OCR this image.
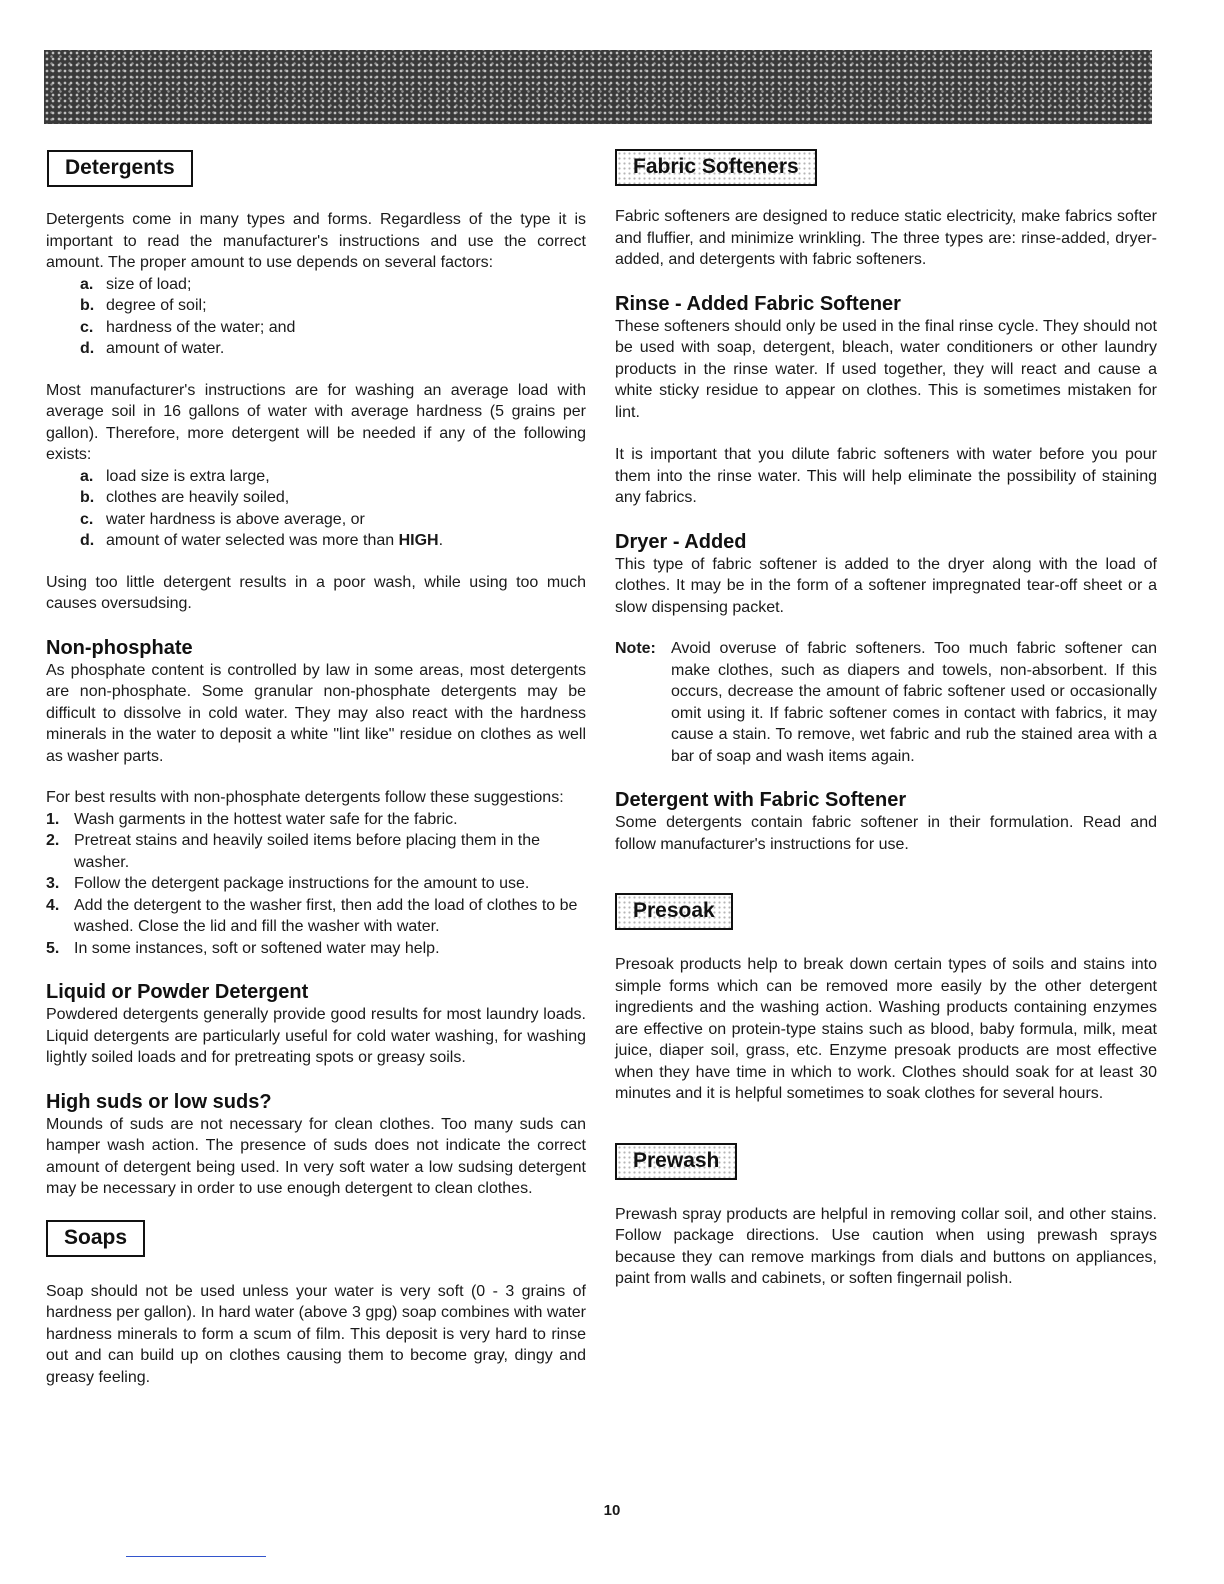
Detergents

Detergents come in many types and forms. Regardless of the type it is important to read the manufacturer's instructions and use the correct amount. The proper amount to use depends on several factors:

a. size of load;
b. degree of soil;
c. hardness of the water; and
d. amount of water.

Most manufacturer's instructions are for washing an average load with average soil in 16 gallons of water with average hardness (5 grains per gallon). Therefore, more detergent will be needed if any of the following exists:

a. load size is extra large,
b. clothes are heavily soiled,
c. water hardness is above average, or
d. amount of water selected was more than HIGH.

Using too little detergent results in a poor wash, while using too much causes oversudsing.

Non-phosphate

As phosphate content is controlled by law in some areas, most detergents are non-phosphate. Some granular non-phosphate detergents may be difficult to dissolve in cold water. They may also react with the hardness minerals in the water to deposit a white "lint like" residue on clothes as well as washer parts.

For best results with non-phosphate detergents follow these suggestions:

1. Wash garments in the hottest water safe for the fabric.
2. Pretreat stains and heavily soiled items before placing them in the washer.
3. Follow the detergent package instructions for the amount to use.
4. Add the detergent to the washer first, then add the load of clothes to be washed. Close the lid and fill the washer with water.
5. In some instances, soft or softened water may help.
Liquid or Powder Detergent

Powdered detergents generally provide good results for most laundry loads. Liquid detergents are particularly useful for cold water washing, for washing lightly soiled loads and for pretreating spots or greasy soils.

High suds or low suds?

Mounds of suds are not necessary for clean clothes. Too many suds can hamper wash action. The presence of suds does not indicate the correct amount of detergent being used. In very soft water a low sudsing detergent may be necessary in order to use enough detergent to clean clothes.

Soaps

Soap should not be used unless your water is very soft (0 - 3 grains of hardness per gallon). In hard water (above 3 gpg) soap combines with water hardness minerals to form a scum of film. This deposit is very hard to rinse out and can build up on clothes causing them to become gray, dingy and greasy feeling.

Fabric Softeners

Fabric softeners are designed to reduce static electricity, make fabrics softer and fluffier, and minimize wrinkling. The three types are: rinse-added, dryer-added, and detergents with fabric softeners.

Rinse - Added Fabric Softener

These softeners should only be used in the final rinse cycle. They should not be used with soap, detergent, bleach, water conditioners or other laundry products in the rinse water. If used together, they will react and cause a white sticky residue to appear on clothes. This is sometimes mistaken for lint.

It is important that you dilute fabric softeners with water before you pour them into the rinse water. This will help eliminate the possibility of staining any fabrics.

Dryer - Added

This type of fabric softener is added to the dryer along with the load of clothes. It may be in the form of a softener impregnated tear-off sheet or a slow dispensing packet.

Note: Avoid overuse of fabric softeners. Too much fabric softener can make clothes, such as diapers and towels, non-absorbent. If this occurs, decrease the amount of fabric softener used or occasionally omit using it. If fabric softener comes in contact with fabrics, it may cause a stain. To remove, wet fabric and rub the stained area with a bar of soap and wash items again.
Detergent with Fabric Softener

Some detergents contain fabric softener in their formulation. Read and follow manufacturer's instructions for use.

Presoak

Presoak products help to break down certain types of soils and stains into simple forms which can be removed more easily by the other detergent ingredients and the washing action. Washing products containing enzymes are effective on protein-type stains such as blood, baby formula, milk, meat juice, diaper soil, grass, etc. Enzyme presoak products are most effective when they have time in which to work. Clothes should soak for at least 30 minutes and it is helpful sometimes to soak clothes for several hours.

Prewash

Prewash spray products are helpful in removing collar soil, and other stains. Follow package directions. Use caution when using prewash sprays because they can remove markings from dials and buttons on appliances, paint from walls and cabinets, or soften fingernail polish.

10
